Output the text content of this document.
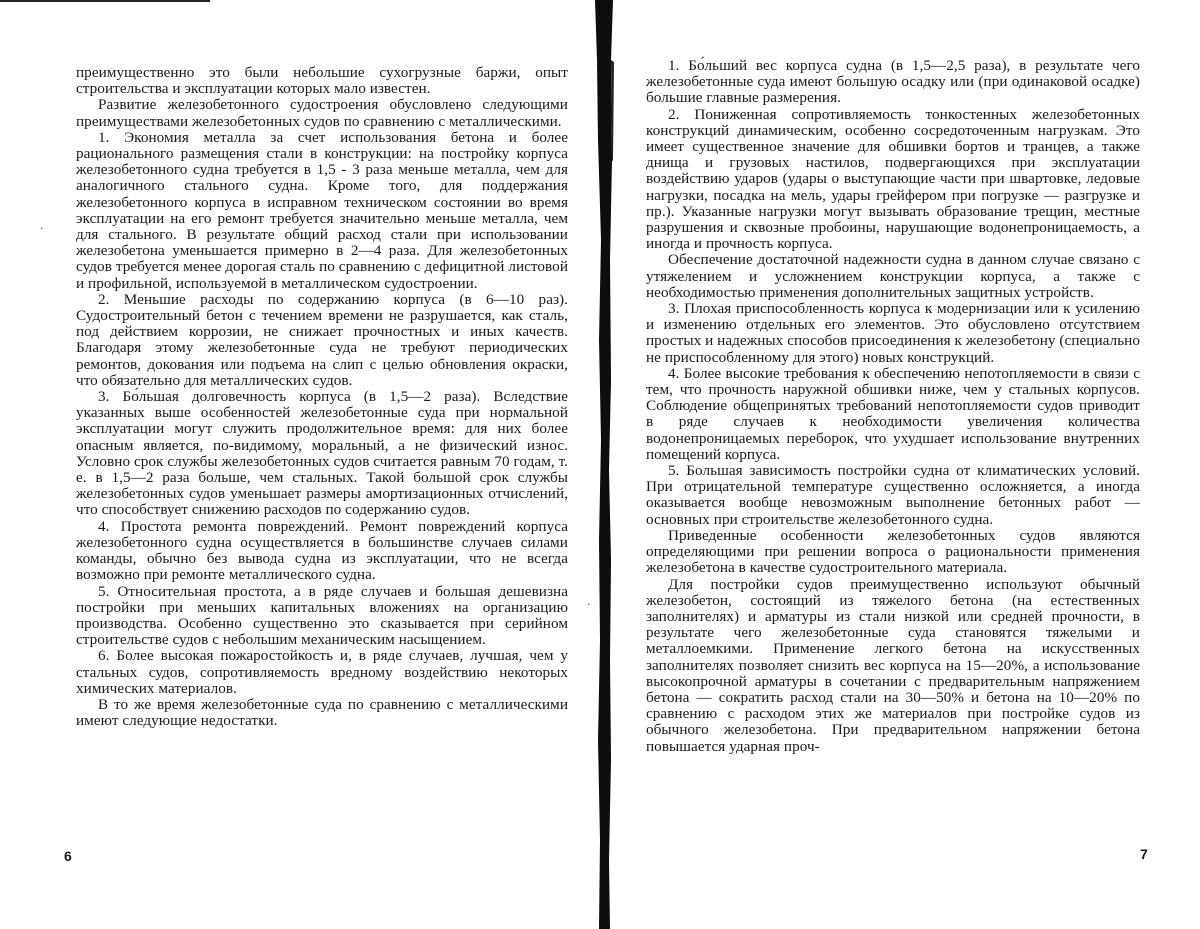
преимущественно это были небольшие сухогрузные баржи, опыт строительства и эксплуатации которых мало известен.

Развитие железобетонного судостроения обусловлено следующими преимуществами железобетонных судов по сравнению с металлическими.

1. Экономия металла за счет использования бетона и более рационального размещения стали в конструкции: на постройку корпуса железобетонного судна требуется в 1,5 - 3 раза меньше металла, чем для аналогичного стального судна. Кроме того, для поддержания железобетонного корпуса в исправном техническом состоянии во время эксплуатации на его ремонт требуется значительно меньше металла, чем для стального. В результате общий расход стали при использовании железобетона уменьшается примерно в 2—4 раза. Для железобетонных судов требуется менее дорогая сталь по сравнению с дефицитной листовой и профильной, используемой в металлическом судостроении.

2. Меньшие расходы по содержанию корпуса (в 6—10 раз). Судостроительный бетон с течением времени не разрушается, как сталь, под действием коррозии, не снижает прочностных и иных качеств. Благодаря этому железобетонные суда не требуют периодических ремонтов, докования или подъема на слип с целью обновления окраски, что обязательно для металлических судов.

3. Бо́льшая долговечность корпуса (в 1,5—2 раза). Вследствие указанных выше особенностей железобетонные суда при нормальной эксплуатации могут служить продолжительное время: для них более опасным является, по-видимому, моральный, а не физический износ. Условно срок службы железобетонных судов считается равным 70 годам, т. е. в 1,5—2 раза больше, чем стальных. Такой большой срок службы железобетонных судов уменьшает размеры амортизационных отчислений, что способствует снижению расходов по содержанию судов.

4. Простота ремонта повреждений. Ремонт повреждений корпуса железобетонного судна осуществляется в большинстве случаев силами команды, обычно без вывода судна из эксплуатации, что не всегда возможно при ремонте металлического судна.

5. Относительная простота, а в ряде случаев и большая дешевизна постройки при меньших капитальных вложениях на организацию производства. Особенно существенно это сказывается при серийном строительстве судов с небольшим механическим насыщением.

6. Более высокая пожаростойкость и, в ряде случаев, лучшая, чем у стальных судов, сопротивляемость вредному воздействию некоторых химических материалов.

В то же время железобетонные суда по сравнению с металлическими имеют следующие недостатки.

6
·
·

1. Бо́льший вес корпуса судна (в 1,5—2,5 раза), в результате чего железобетонные суда имеют большую осадку или (при одинаковой осадке) большие главные размерения.

2. Пониженная сопротивляемость тонкостенных железобетонных конструкций динамическим, особенно сосредоточенным нагрузкам. Это имеет существенное значение для обшивки бортов и транцев, а также днища и грузовых настилов, подвергающихся при эксплуатации воздействию ударов (удары о выступающие части при швартовке, ледовые нагрузки, посадка на мель, удары грейфером при погрузке — разгрузке и пр.). Указанные нагрузки могут вызывать образование трещин, местные разрушения и сквозные пробоины, нарушающие водонепроницаемость, а иногда и прочность корпуса.

Обеспечение достаточной надежности судна в данном случае связано с утяжелением и усложнением конструкции корпуса, а также с необходимостью применения дополнительных защитных устройств.

3. Плохая приспособленность корпуса к модернизации или к усилению и изменению отдельных его элементов. Это обусловлено отсутствием простых и надежных способов присоединения к железобетону (специально не приспособленному для этого) новых конструкций.

4. Более высокие требования к обеспечению непотопляемости в связи с тем, что прочность наружной обшивки ниже, чем у стальных корпусов. Соблюдение общепринятых требований непотопляемости судов приводит в ряде случаев к необходимости увеличения количества водонепроницаемых переборок, что ухудшает использование внутренних помещений корпуса.

5. Большая зависимость постройки судна от климатических условий. При отрицательной температуре существенно осложняется, а иногда оказывается вообще невозможным выполнение бетонных работ — основных при строительстве железобетонного судна.

Приведенные особенности железобетонных судов являются определяющими при решении вопроса о рациональности применения железобетона в качестве судостроительного материала.

Для постройки судов преимущественно используют обычный железобетон, состоящий из тяжелого бетона (на естественных заполнителях) и арматуры из стали низкой или средней прочности, в результате чего железобетонные суда становятся тяжелыми и металлоемкими. Применение легкого бетона на искусственных заполнителях позволяет снизить вес корпуса на 15—20%, а использование высокопрочной арматуры в сочетании с предварительным напряжением бетона — сократить расход стали на 30—50% и бетона на 10—20% по сравнению с расходом этих же материалов при постройке судов из обычного железобетона. При предварительном напряжении бетона повышается ударная проч-

7
